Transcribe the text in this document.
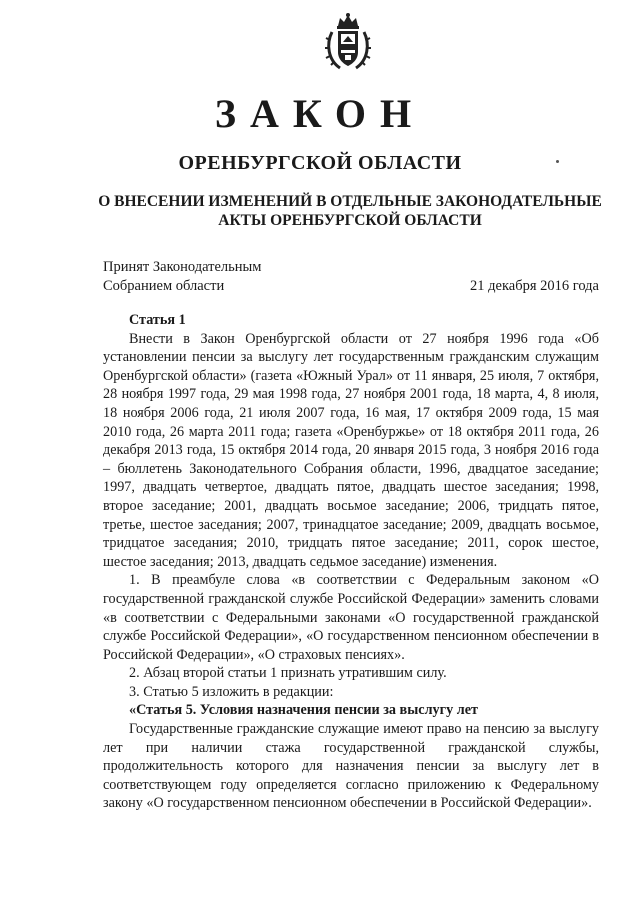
ЗАКОН
ОРЕНБУРГСКОЙ ОБЛАСТИ
О ВНЕСЕНИИ ИЗМЕНЕНИЙ В ОТДЕЛЬНЫЕ ЗАКОНОДАТЕЛЬНЫЕ
АКТЫ ОРЕНБУРГСКОЙ ОБЛАСТИ
Принят Законодательным
Собранием области	21 декабря 2016 года

Статья 1

Внести в Закон Оренбургской области от 27 ноября 1996 года «Об установлении пенсии за выслугу лет государственным гражданским служащим Оренбургской области» (газета «Южный Урал» от 11 января, 25 июля, 7 октября, 28 ноября 1997 года, 29 мая 1998 года, 27 ноября 2001 года, 18 марта, 4, 8 июля, 18 ноября 2006 года, 21 июля 2007 года, 16 мая, 17 октября 2009 года, 15 мая 2010 года, 26 марта 2011 года; газета «Оренбуржье» от 18 октября 2011 года, 26 декабря 2013 года, 15 октября 2014 года, 20 января 2015 года, 3 ноября 2016 года – бюллетень Законодательного Собрания области, 1996, двадцатое заседание; 1997, двадцать четвертое, двадцать пятое, двадцать шестое заседания; 1998, второе заседание; 2001, двадцать восьмое заседание; 2006, тридцать пятое, третье, шестое заседания; 2007, тринадцатое заседание; 2009, двадцать восьмое, тридцатое заседания; 2010, тридцать пятое заседание; 2011, сорок шестое, шестое заседания; 2013, двадцать седьмое заседание) изменения.

1. В преамбуле слова «в соответствии с Федеральным законом «О государственной гражданской службе Российской Федерации» заменить словами «в соответствии с Федеральными законами «О государственной гражданской службе Российской Федерации», «О государственном пенсионном обеспечении в Российской Федерации», «О страховых пенсиях».

2. Абзац второй статьи 1 признать утратившим силу.

3. Статью 5 изложить в редакции:

«Статья 5. Условия назначения пенсии за выслугу лет

Государственные гражданские служащие имеют право на пенсию за выслугу лет при наличии стажа государственной гражданской службы, продолжительность которого для назначения пенсии за выслугу лет в соответствующем году определяется согласно приложению к Федеральному закону «О государственном пенсионном обеспечении в Российской Федерации».
